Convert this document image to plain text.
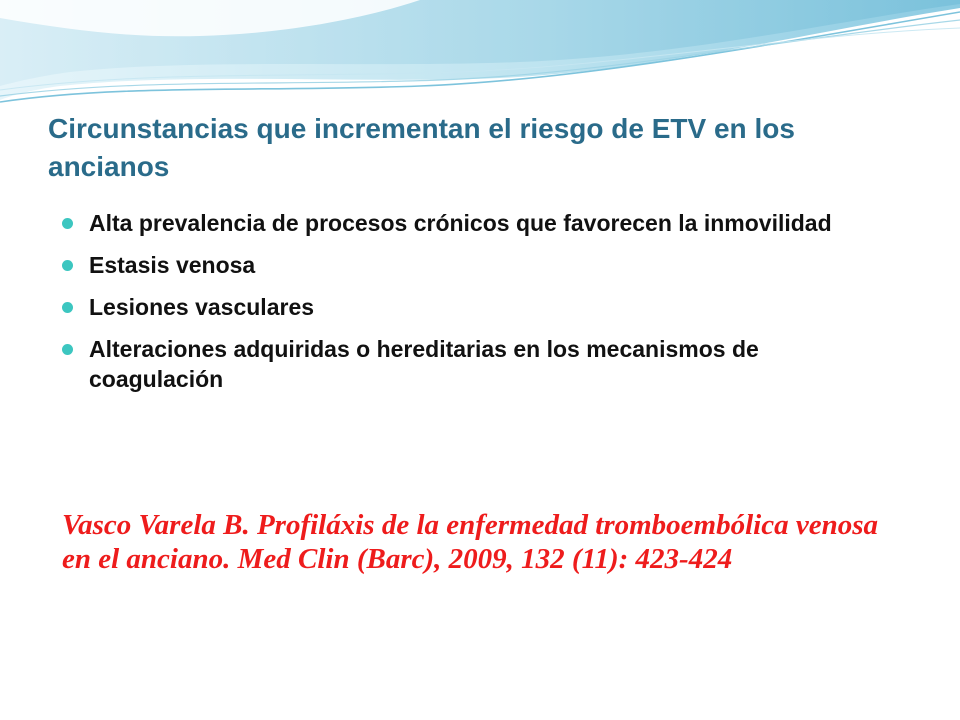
Circunstancias que incrementan el riesgo de ETV en los ancianos
Alta prevalencia de procesos crónicos que favorecen la inmovilidad
Estasis venosa
Lesiones vasculares
Alteraciones adquiridas o hereditarias en los mecanismos de coagulación

Vasco Varela B. Profiláxis de la enfermedad tromboembólica venosa en el anciano. Med Clin (Barc), 2009, 132 (11): 423-424
